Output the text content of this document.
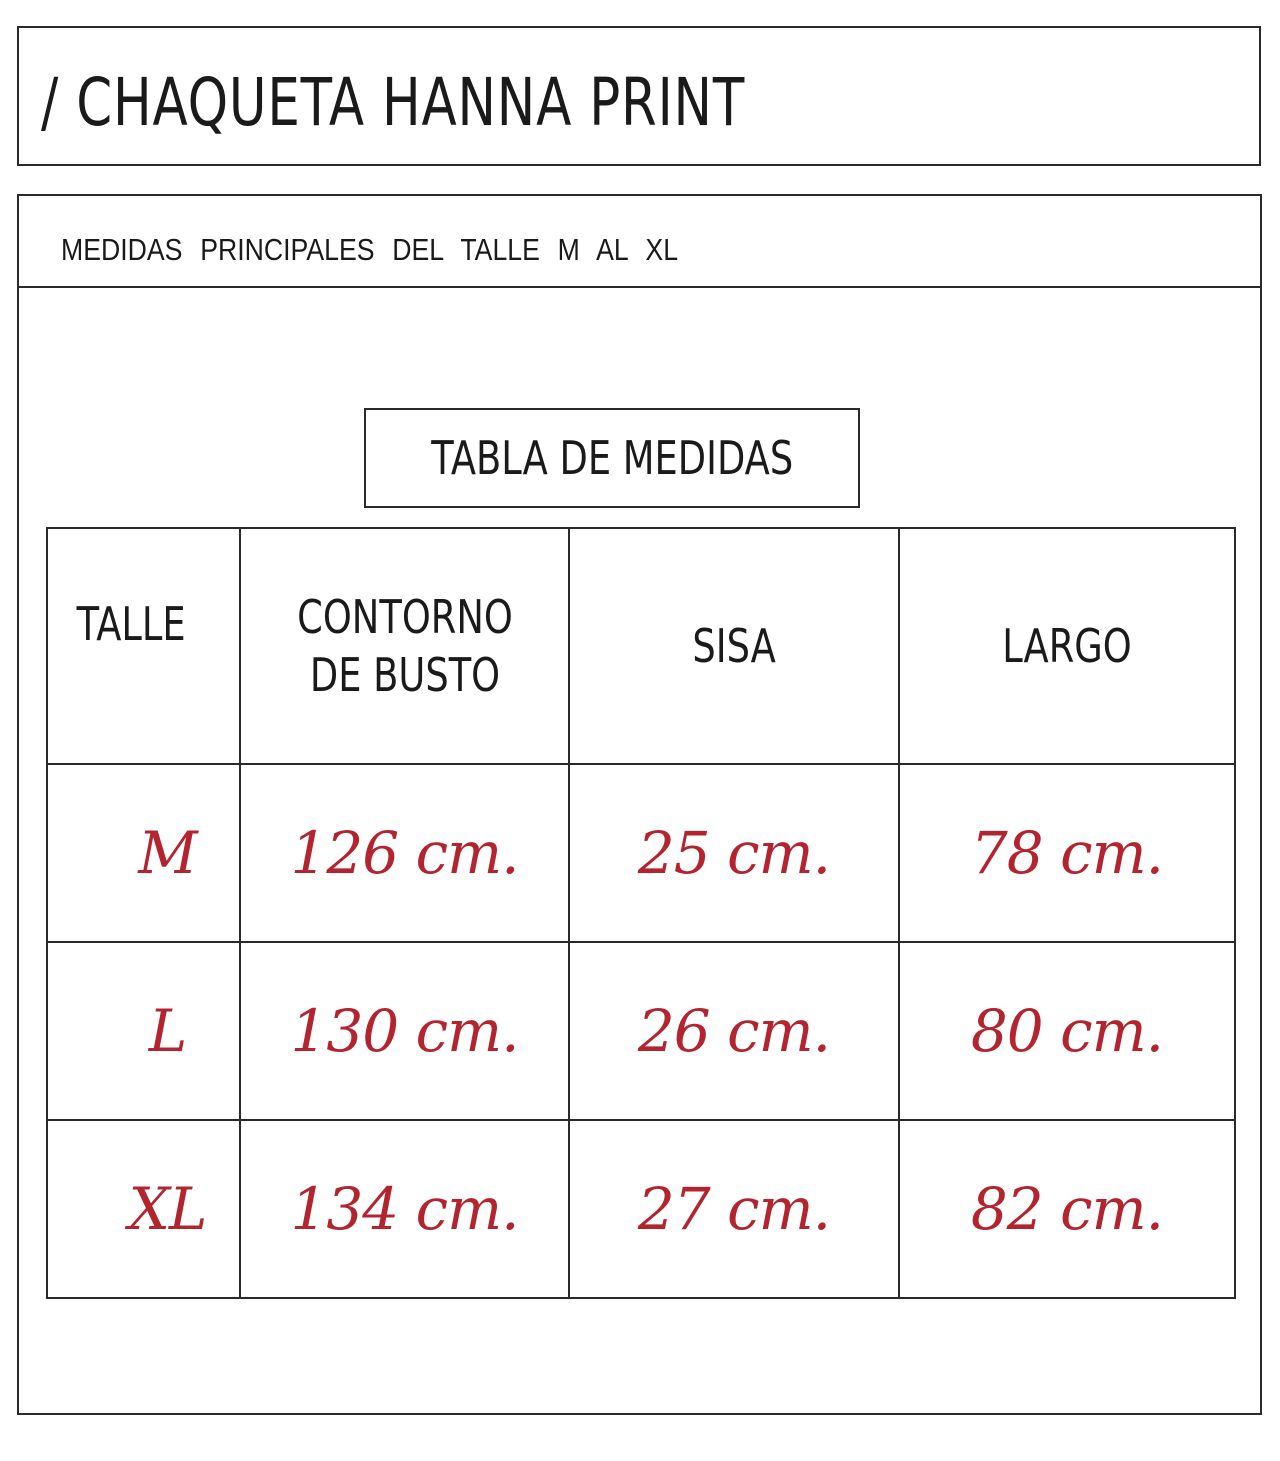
/ CHAQUETA HANNA PRINT
MEDIDAS PRINCIPALES DEL TALLE M AL XL
TABLA DE MEDIDAS
TALLE	CONTORNO DE BUSTO	SISA	LARGO
M	126 cm.	25 cm.	78 cm.
L	130 cm.	26 cm.	80 cm.
XL	134 cm.	27 cm.	82 cm.
